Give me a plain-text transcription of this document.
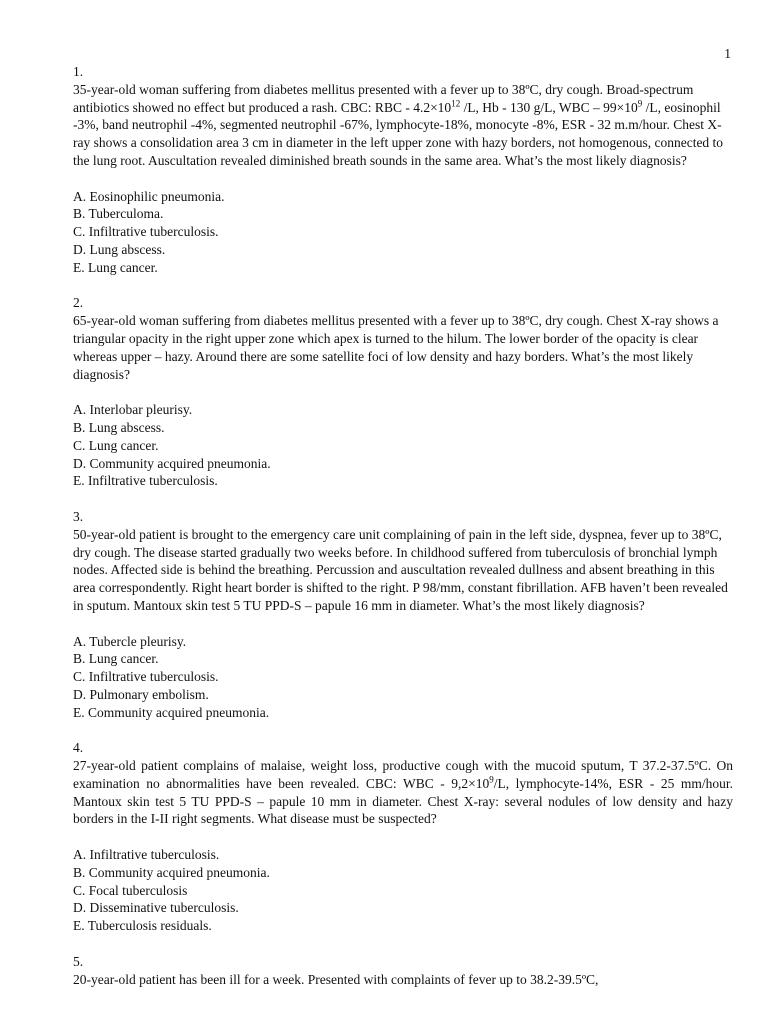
1
1.
35-year-old woman suffering from diabetes mellitus presented with a fever up to 38ºC, dry cough. Broad-spectrum antibiotics showed no effect but produced a rash. CBC: RBC - $4.2\times 10^{12}$ /L, Hb - 130 g/L, WBC – $99\times 10^9$ /L, eosinophil -3%, band neutrophil -4%, segmented neutrophil -67%, lymphocyte-18%, monocyte -8%, ESR - 32 m.m/hour. Chest X-ray shows a consolidation area 3 cm in diameter in the left upper zone with hazy borders, not homogenous, connected to the lung root. Auscultation revealed diminished breath sounds in the same area. What’s the most likely diagnosis?
A. Eosinophilic pneumonia.
B. Tuberculoma.
C. Infiltrative tuberculosis.
D. Lung abscess.
E. Lung cancer.
2.
65-year-old woman suffering from diabetes mellitus presented with a fever up to 38ºC, dry cough. Chest X-ray shows a triangular opacity in the right upper zone which apex is turned to the hilum. The lower border of the opacity is clear whereas upper – hazy. Around there are some satellite foci of low density and hazy borders. What’s the most likely diagnosis?
A. Interlobar pleurisy.
B. Lung abscess.
C. Lung cancer.
D. Community acquired pneumonia.
E. Infiltrative tuberculosis.
3.
50-year-old patient is brought to the emergency care unit complaining of pain in the left side, dyspnea, fever up to 38ºC, dry cough. The disease started gradually two weeks before. In childhood suffered from tuberculosis of bronchial lymph nodes. Affected side is behind the breathing. Percussion and auscultation revealed dullness and absent breathing in this area correspondently. Right heart border is shifted to the right. P 98/mm, constant fibrillation. AFB haven’t been revealed in sputum. Mantoux skin test 5 TU PPD-S – papule 16 mm in diameter. What’s the most likely diagnosis?
A. Tubercle pleurisy.
B. Lung cancer.
C. Infiltrative tuberculosis.
D. Pulmonary embolism.
E. Community acquired pneumonia.
4.
27-year-old patient complains of malaise, weight loss, productive cough with the mucoid sputum, T 37.2-37.5ºC. On examination no abnormalities have been revealed. CBC: WBC - $9,2\times 10^9/L$, lymphocyte-14%, ESR - 25 mm/hour. Mantoux skin test 5 TU PPD-S – papule 10 mm in diameter. Chest X-ray: several nodules of low density and hazy borders in the I-II right segments. What disease must be suspected?
A. Infiltrative tuberculosis.
B. Community acquired pneumonia.
C. Focal tuberculosis
D. Disseminative tuberculosis.
E. Tuberculosis residuals.
5.
20-year-old patient has been ill for a week. Presented with complaints of fever up to 38.2-39.5ºC,
